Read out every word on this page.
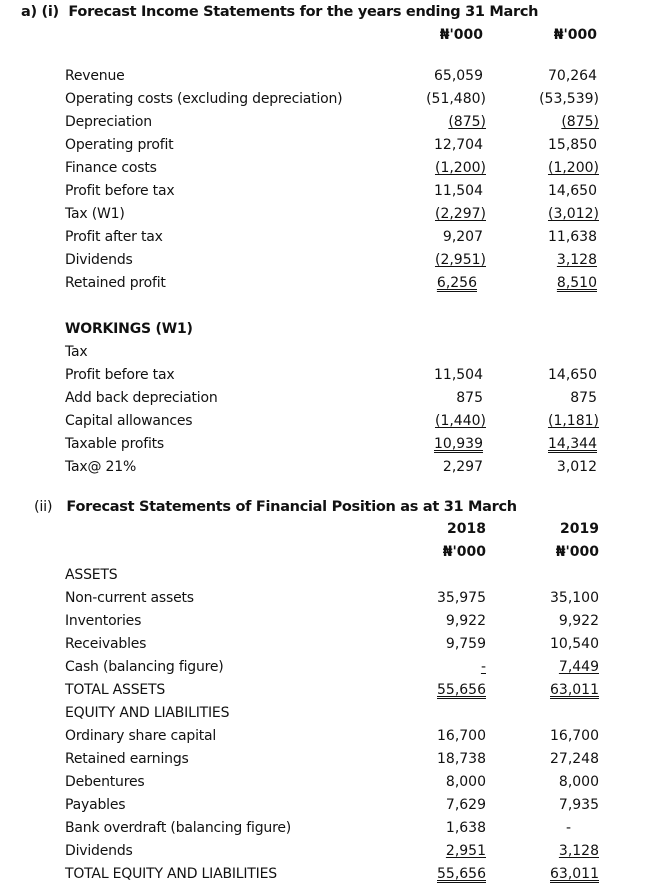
a) (i) Forecast Income Statements for the years ending 31 March
₦'000	₦'000
Revenue	65,059	70,264
Operating costs (excluding depreciation)	(51,480)	(53,539)
Depreciation	(875)	(875)
Operating profit	12,704	15,850
Finance costs	(1,200)	(1,200)
Profit before tax	11,504	14,650
Tax (W1)	(2,297)	(3,012)
Profit after tax	9,207	11,638
Dividends	(2,951)	3,128
Retained profit	6,256	8,510
WORKINGS (W1)
Tax
Profit before tax	11,504	14,650
Add back depreciation	875	875
Capital allowances	(1,440)	(1,181)
Taxable profits	10,939	14,344
Tax@ 21%	2,297	3,012
(ii) Forecast Statements of Financial Position as at 31 March
2018	2019
₦'000	₦'000
ASSETS
Non-current assets	35,975	35,100
Inventories	9,922	9,922
Receivables	9,759	10,540
Cash (balancing figure)	-	7,449
TOTAL ASSETS	55,656	63,011
EQUITY AND LIABILITIES
Ordinary share capital	16,700	16,700
Retained earnings	18,738	27,248
Debentures	8,000	8,000
Payables	7,629	7,935
Bank overdraft (balancing figure)	1,638	-
Dividends	2,951	3,128
TOTAL EQUITY AND LIABILITIES	55,656	63,011
